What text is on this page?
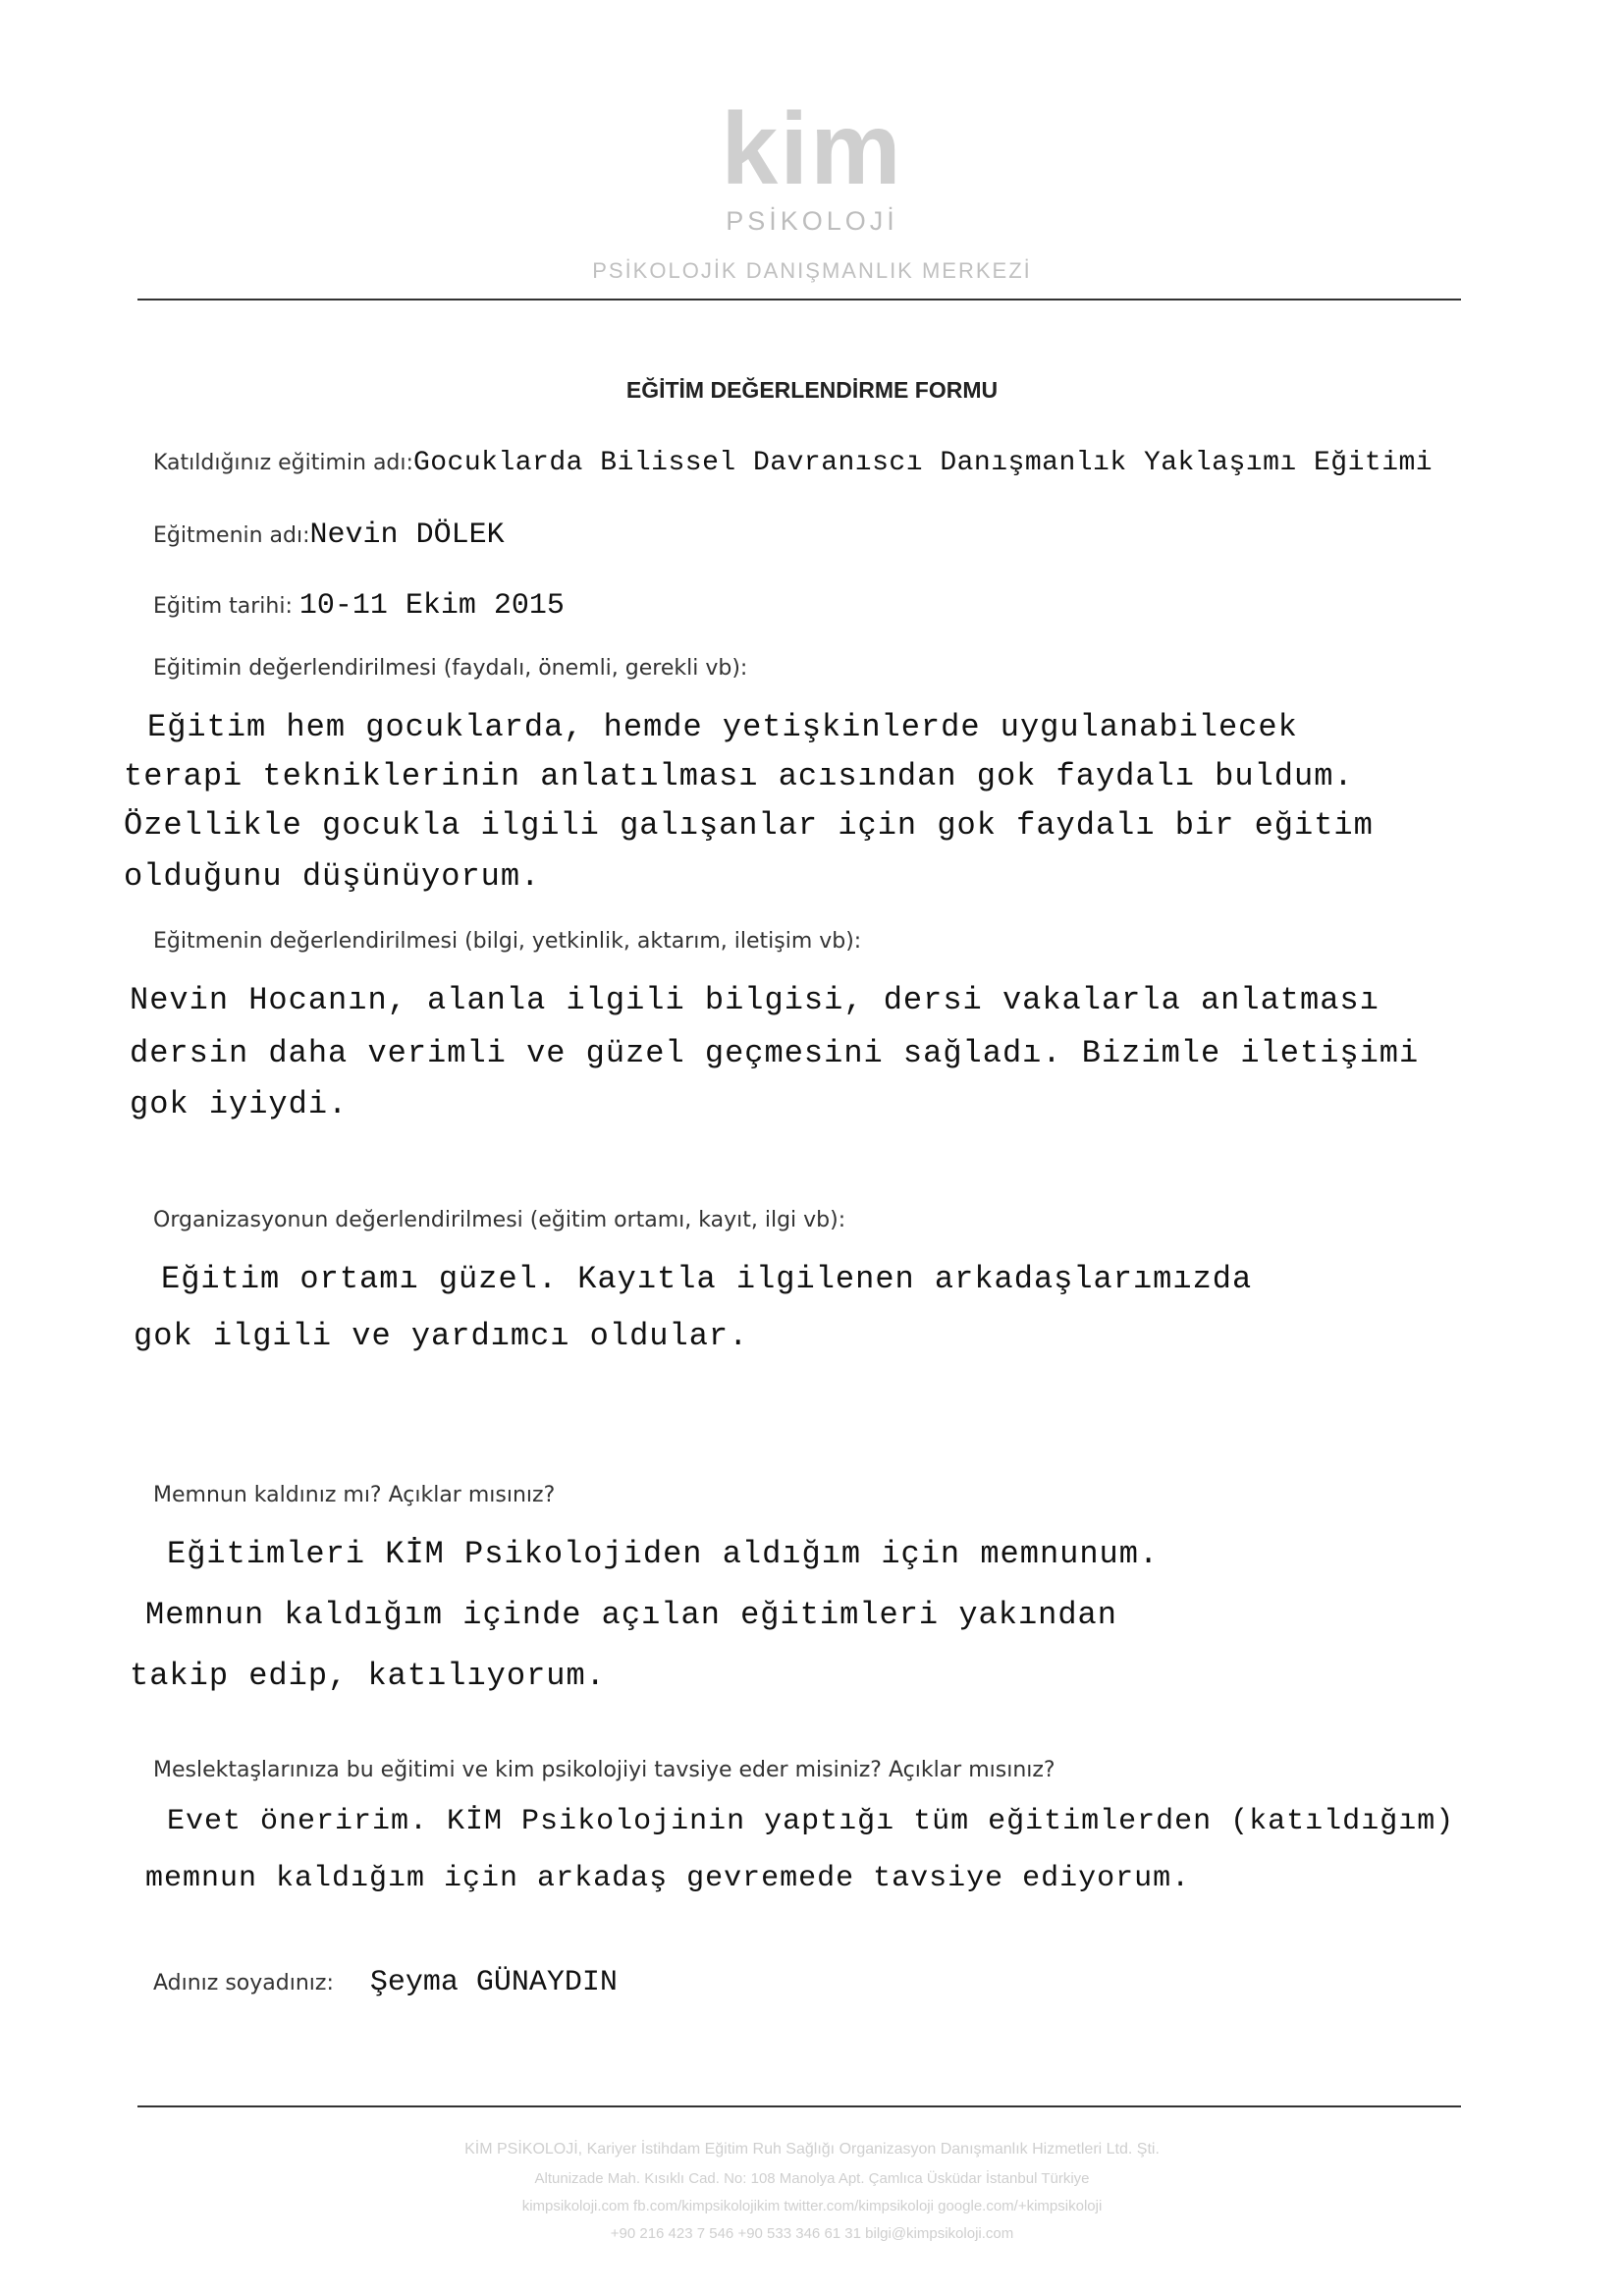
kim
PSİKOLOJİ
PSİKOLOJİK DANIŞMANLIK MERKEZİ
EĞİTİM DEĞERLENDİRME FORMU
Katıldığınız eğitimin adı:Gocuklarda Bilissel Davranıscı Danışmanlık Yaklaşımı Eğitimi
Eğitmenin adı:Nevin DÖLEK
Eğitim tarihi: 10-11 Ekim 2015
Eğitimin değerlendirilmesi (faydalı, önemli, gerekli vb):
Eğitim hem gocuklarda, hemde yetişkinlerde uygulanabilecek
terapi tekniklerinin anlatılması acısından gok faydalı buldum.
Özellikle gocukla ilgili galışanlar için gok faydalı bir eğitim
olduğunu düşünüyorum.
Eğitmenin değerlendirilmesi (bilgi, yetkinlik, aktarım, iletişim vb):
Nevin Hocanın, alanla ilgili bilgisi, dersi vakalarla anlatması
dersin daha verimli ve güzel geçmesini sağladı. Bizimle iletişimi
gok iyiydi.
Organizasyonun değerlendirilmesi (eğitim ortamı, kayıt, ilgi vb):
Eğitim ortamı güzel. Kayıtla ilgilenen arkadaşlarımızda
gok ilgili ve yardımcı oldular.
Memnun kaldınız mı? Açıklar mısınız?
Eğitimleri KİM Psikolojiden aldığım için memnunum.
Memnun kaldığım içinde açılan eğitimleri yakından
takip edip, katılıyorum.
Meslektaşlarınıza bu eğitimi ve kim psikolojiyi tavsiye eder misiniz? Açıklar mısınız?
Evet öneririm. KİM Psikolojinin yaptığı tüm eğitimlerden (katıldığım)
memnun kaldığım için arkadaş gevremede tavsiye ediyorum.
Adınız soyadınız: Şeyma GÜNAYDIN
KİM PSİKOLOJİ, Kariyer İstihdam Eğitim Ruh Sağlığı Organizasyon Danışmanlık Hizmetleri Ltd. Şti.
Altunizade Mah. Kısıklı Cad. No: 108 Manolya Apt. Çamlıca Üsküdar İstanbul Türkiye
kimpsikoloji.com fb.com/kimpsikolojikim twitter.com/kimpsikoloji google.com/+kimpsikoloji
+90 216 423 7 546 +90 533 346 61 31 bilgi@kimpsikoloji.com
